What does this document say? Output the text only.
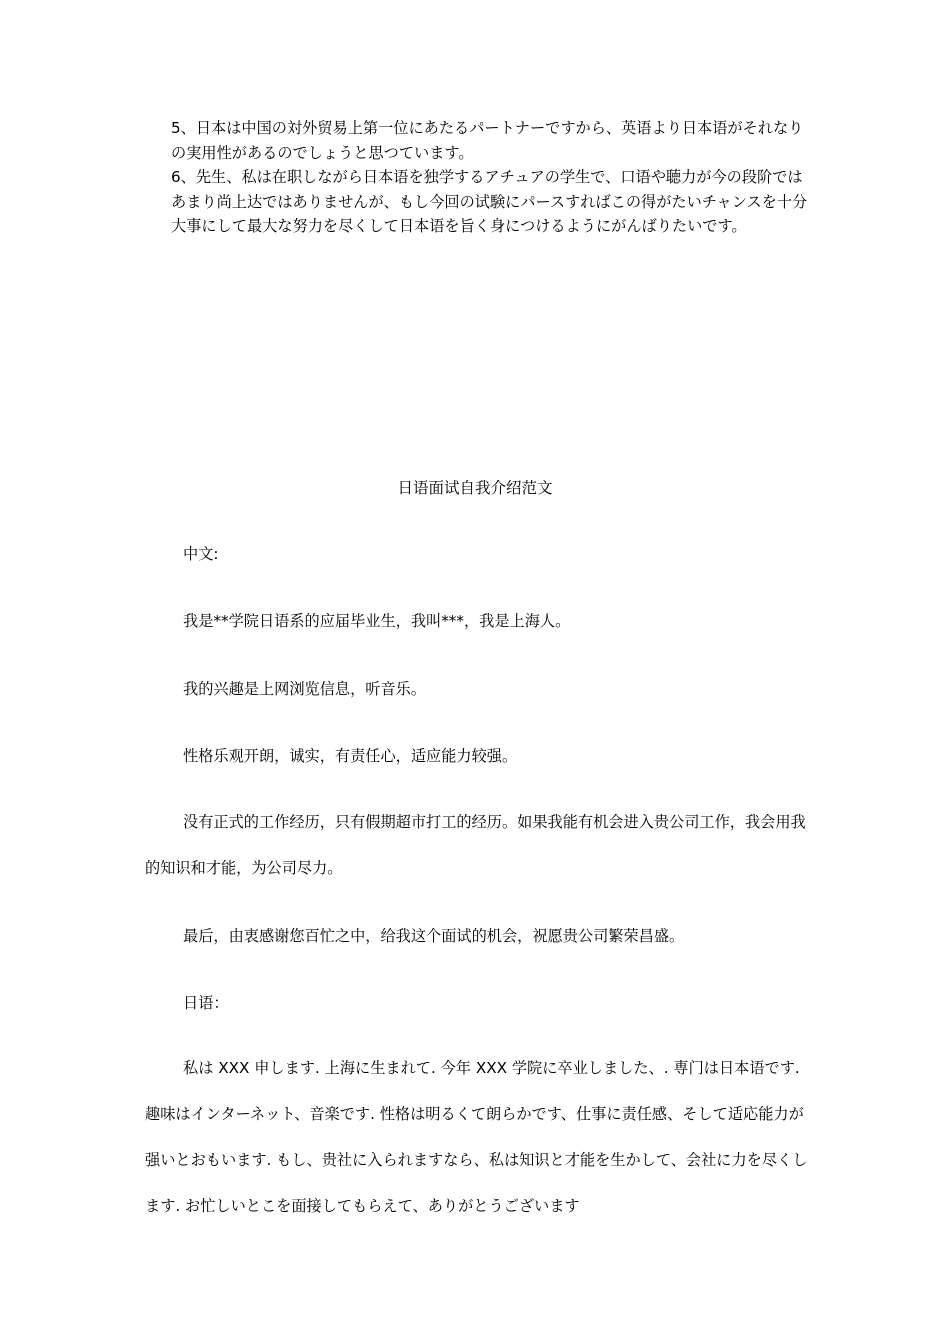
5、日本は中国の対外贸易上第一位にあたるパートナーですから、英语より日本语がそれなりの実用性があるのでしょうと思つています。

6、先生、私は在职しながら日本语を独学するアチュアの学生で、口语や聴力が今の段阶ではあまり尚上达ではありませんが、もし今回の试験にパースすればこの得がたいチャンスを十分大事にして最大な努力を尽くして日本语を旨く身につけるようにがんばりたいです。

日语面试自我介绍范文

中文:

我是**学院日语系的应届毕业生，我叫***，我是上海人。

我的兴趣是上网浏览信息，听音乐。

性格乐观开朗，诚实，有责任心，适应能力较强。

没有正式的工作经历，只有假期超市打工的经历。如果我能有机会进入贵公司工作，我会用我的知识和才能，为公司尽力。

最后，由衷感谢您百忙之中，给我这个面试的机会，祝愿贵公司繁荣昌盛。

日语：

私は XXX 申します. 上海に生まれて. 今年 XXX 学院に卒业しました、. 専门は日本语です. 趣味はインターネット、音楽です. 性格は明るくて朗らかです、仕事に责任感、そして适応能力が强いとおもいます. もし、贵社に入られますなら、私は知识と才能を生かして、会社に力を尽くします. お忙しいとこを面接してもらえて、ありがとうございます
